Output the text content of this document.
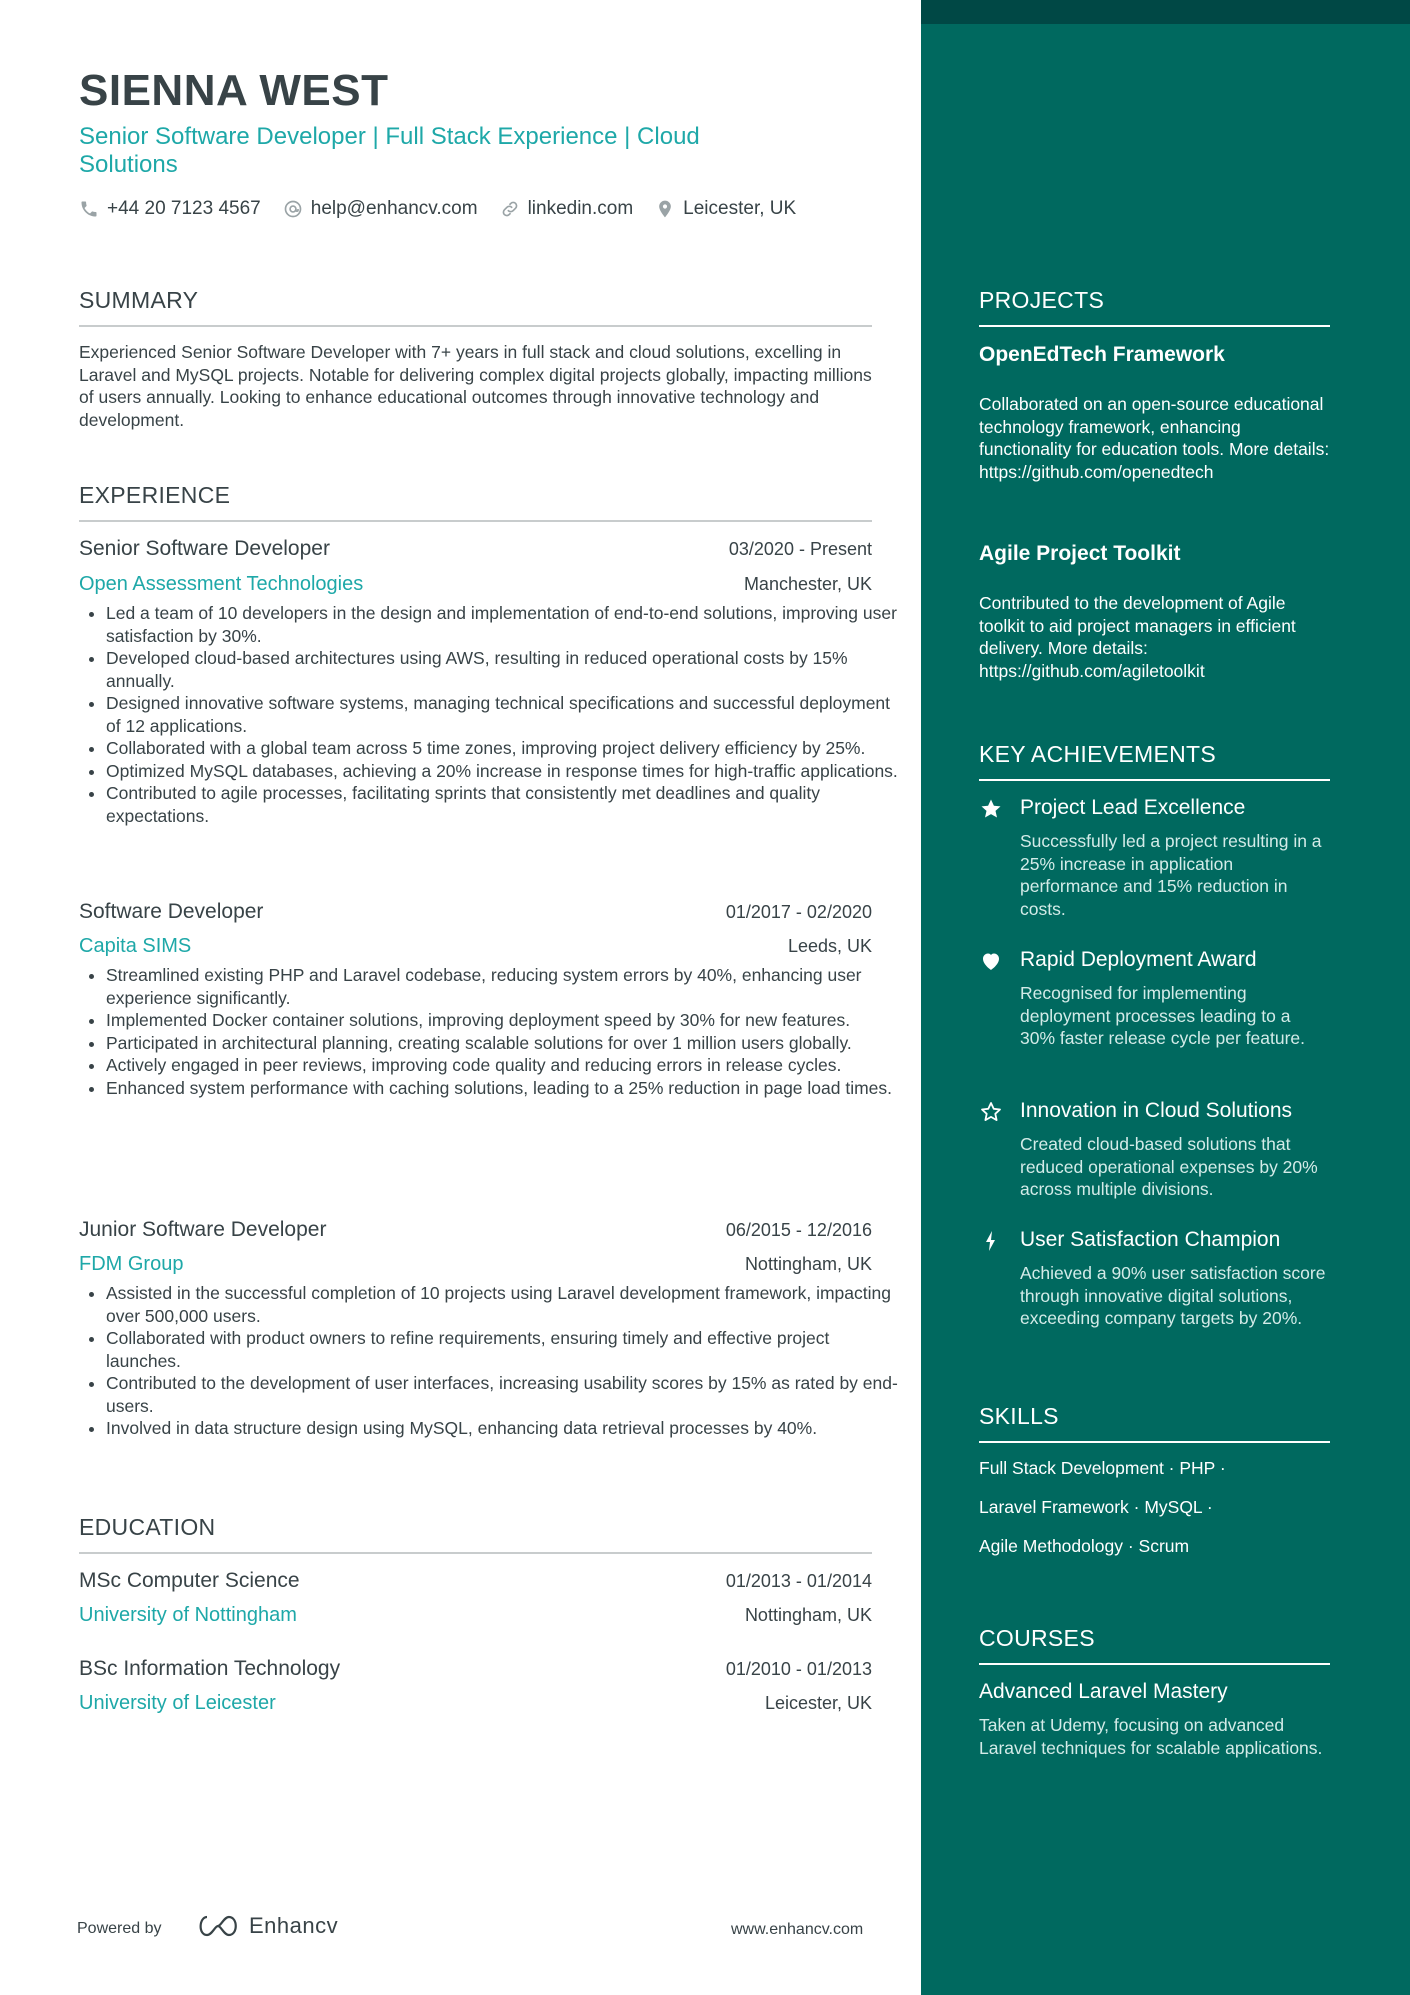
SIENNA WEST
Senior Software Developer | Full Stack Experience | Cloud Solutions
+44 20 7123 4567	help@enhancv.com	linkedin.com	Leicester, UK
SUMMARY
Experienced Senior Software Developer with 7+ years in full stack and cloud solutions, excelling in Laravel and MySQL projects. Notable for delivering complex digital projects globally, impacting millions of users annually. Looking to enhance educational outcomes through innovative technology and development.
EXPERIENCE
Senior Software Developer	03/2020 - Present
Open Assessment Technologies	Manchester, UK
• Led a team of 10 developers in the design and implementation of end-to-end solutions, improving user satisfaction by 30%.
• Developed cloud-based architectures using AWS, resulting in reduced operational costs by 15% annually.
• Designed innovative software systems, managing technical specifications and successful deployment of 12 applications.
• Collaborated with a global team across 5 time zones, improving project delivery efficiency by 25%.
• Optimized MySQL databases, achieving a 20% increase in response times for high-traffic applications.
• Contributed to agile processes, facilitating sprints that consistently met deadlines and quality expectations.
Software Developer	01/2017 - 02/2020
Capita SIMS	Leeds, UK
• Streamlined existing PHP and Laravel codebase, reducing system errors by 40%, enhancing user experience significantly.
• Implemented Docker container solutions, improving deployment speed by 30% for new features.
• Participated in architectural planning, creating scalable solutions for over 1 million users globally.
• Actively engaged in peer reviews, improving code quality and reducing errors in release cycles.
• Enhanced system performance with caching solutions, leading to a 25% reduction in page load times.
Junior Software Developer	06/2015 - 12/2016
FDM Group	Nottingham, UK
• Assisted in the successful completion of 10 projects using Laravel development framework, impacting over 500,000 users.
• Collaborated with product owners to refine requirements, ensuring timely and effective project launches.
• Contributed to the development of user interfaces, increasing usability scores by 15% as rated by end-users.
• Involved in data structure design using MySQL, enhancing data retrieval processes by 40%.
EDUCATION
MSc Computer Science	01/2013 - 01/2014
University of Nottingham	Nottingham, UK
BSc Information Technology	01/2010 - 01/2013
University of Leicester	Leicester, UK
Powered by	Enhancv	www.enhancv.com
PROJECTS
OpenEdTech Framework
Collaborated on an open-source educational technology framework, enhancing functionality for education tools. More details: https://github.com/openedtech
Agile Project Toolkit
Contributed to the development of Agile toolkit to aid project managers in efficient delivery. More details: https://github.com/agiletoolkit
KEY ACHIEVEMENTS
Project Lead Excellence
Successfully led a project resulting in a 25% increase in application performance and 15% reduction in costs.
Rapid Deployment Award
Recognised for implementing deployment processes leading to a 30% faster release cycle per feature.
Innovation in Cloud Solutions
Created cloud-based solutions that reduced operational expenses by 20% across multiple divisions.
User Satisfaction Champion
Achieved a 90% user satisfaction score through innovative digital solutions, exceeding company targets by 20%.
SKILLS
Full Stack Development · PHP ·
Laravel Framework · MySQL ·
Agile Methodology · Scrum
COURSES
Advanced Laravel Mastery
Taken at Udemy, focusing on advanced Laravel techniques for scalable applications.
